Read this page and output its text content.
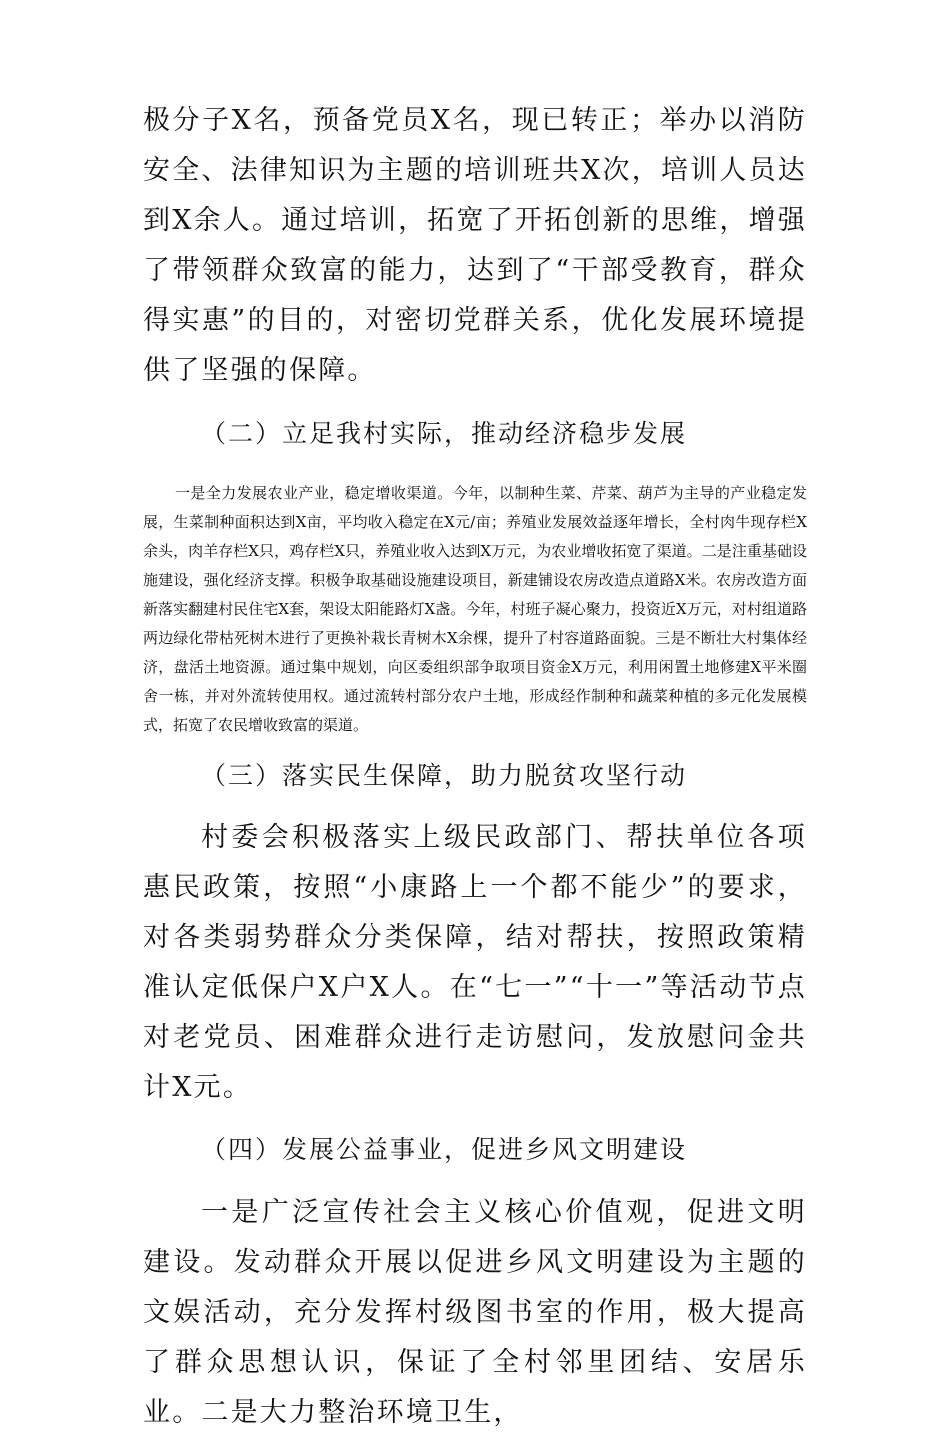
极分子X名，预备党员X名，现已转正；举办以消防安全、法律知识为主题的培训班共X次，培训人员达到X余人。通过培训，拓宽了开拓创新的思维，增强了带领群众致富的能力，达到了“干部受教育，群众得实惠”的目的，对密切党群关系，优化发展环境提供了坚强的保障。

（二）立足我村实际，推动经济稳步发展

一是全力发展农业产业，稳定增收渠道。今年，以制种生菜、芹菜、葫芦为主导的产业稳定发展，生菜制种面积达到X亩，平均收入稳定在X元/亩；养殖业发展效益逐年增长，全村肉牛现存栏X余头，肉羊存栏X只，鸡存栏X只，养殖业收入达到X万元，为农业增收拓宽了渠道。二是注重基础设施建设，强化经济支撑。积极争取基础设施建设项目，新建铺设农房改造点道路X米。农房改造方面新落实翻建村民住宅X套，架设太阳能路灯X盏。今年，村班子凝心聚力，投资近X万元，对村组道路两边绿化带枯死树木进行了更换补栽长青树木X余棵，提升了村容道路面貌。三是不断壮大村集体经济，盘活土地资源。通过集中规划，向区委组织部争取项目资金X万元，利用闲置土地修建X平米圈舍一栋，并对外流转使用权。通过流转村部分农户土地，形成经作制种和蔬菜种植的多元化发展模式，拓宽了农民增收致富的渠道。

（三）落实民生保障，助力脱贫攻坚行动

村委会积极落实上级民政部门、帮扶单位各项惠民政策，按照“小康路上一个都不能少”的要求，对各类弱势群众分类保障，结对帮扶，按照政策精准认定低保户X户X人。在“七一”“十一”等活动节点对老党员、困难群众进行走访慰问，发放慰问金共计X元。

（四）发展公益事业，促进乡风文明建设

一是广泛宣传社会主义核心价值观，促进文明建设。发动群众开展以促进乡风文明建设为主题的文娱活动，充分发挥村级图书室的作用，极大提高了群众思想认识，保证了全村邻里团结、安居乐业。二是大力整治环境卫生，
